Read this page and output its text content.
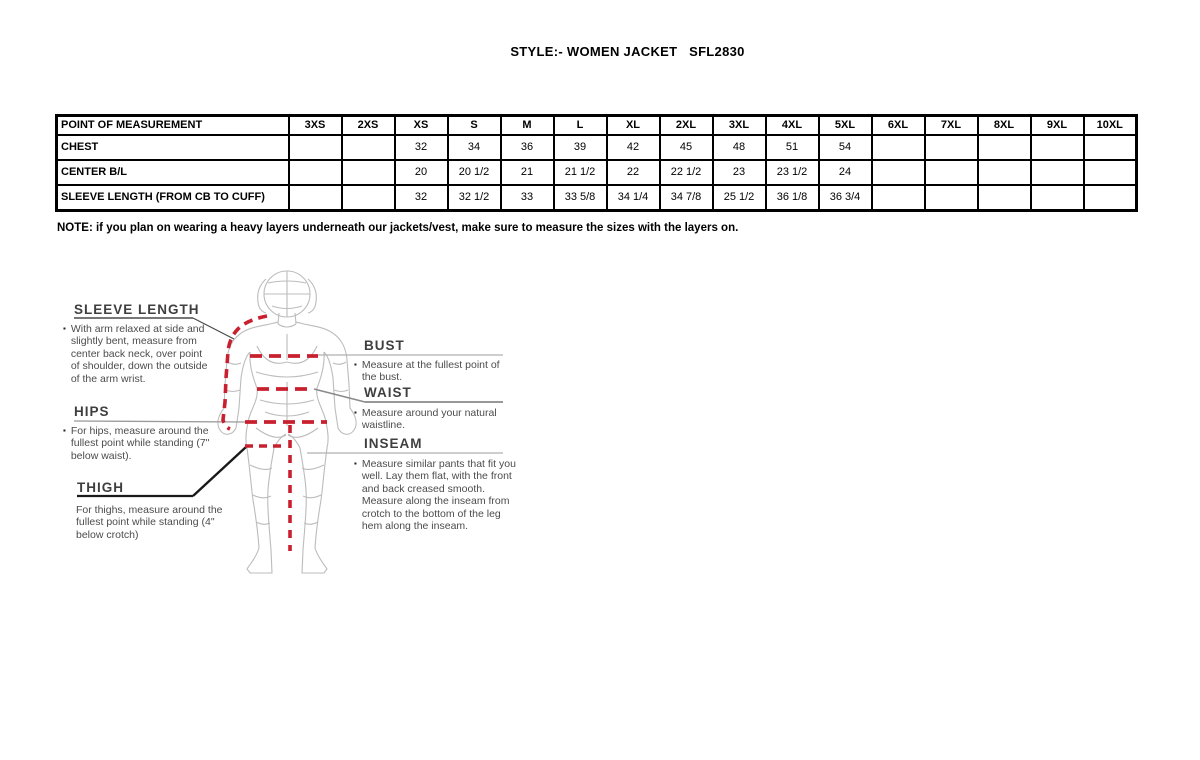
STYLE:- WOMEN JACKET   SFL2830
POINT OF MEASUREMENT	3XS	2XS	XS	S	M	L	XL	2XL	3XL	4XL	5XL	6XL	7XL	8XL	9XL	10XL
CHEST			32	34	36	39	42	45	48	51	54					
CENTER B/L			20	20 1/2	21	21 1/2	22	22 1/2	23	23 1/2	24					
SLEEVE LENGTH (FROM CB TO CUFF)			32	32 1/2	33	33 5/8	34 1/4	34 7/8	25 1/2	36 1/8	36 3/4					
NOTE: if you plan on wearing a heavy layers underneath our jackets/vest, make sure to measure the sizes with the layers on.
SLEEVE LENGTH
▪ With arm relaxed at side and slightly bent, measure from center back neck, over point of shoulder, down the outside of the arm wrist.
HIPS
▪ For hips, measure around the fullest point while standing (7" below waist).
THIGH
For thighs, measure around the fullest point while standing (4" below crotch)
BUST
▪ Measure at the fullest point of the bust.
WAIST
▪ Measure around your natural waistline.
INSEAM
▪ Measure similar pants that fit you well. Lay them flat, with the front and back creased smooth. Measure along the inseam from crotch to the bottom of the leg hem along the inseam.
